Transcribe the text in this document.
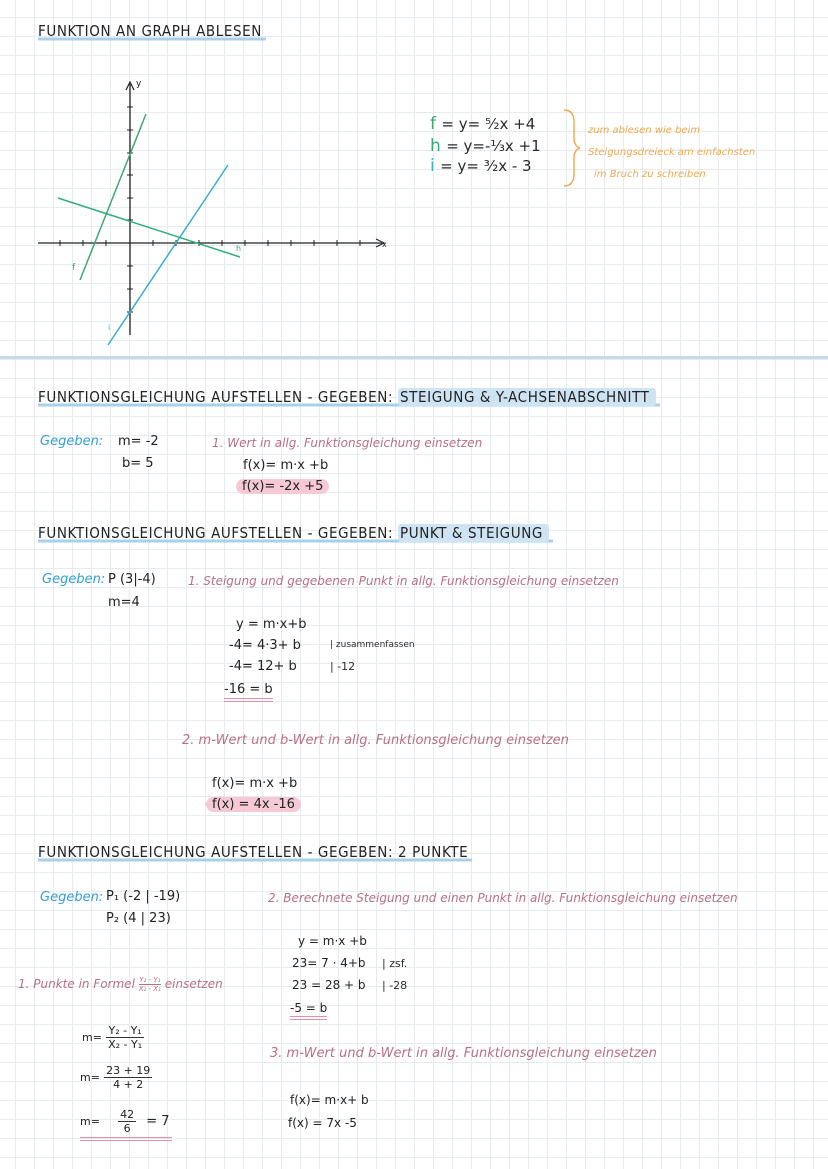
FUNKTION AN GRAPH ABLESEN
y
x
f
h
i
f = y= ⁵⁄₂x +4
h = y=-¹⁄₃x +1
i = y= ³⁄₂x - 3
zum ablesen wie beim
Steigungsdreieck am einfachsten
im Bruch zu schreiben
FUNKTIONSGLEICHUNG AUFSTELLEN - GEGEBEN: STEIGUNG & Y-ACHSENABSCHNITT
Gegeben: m= -2
b= 5
1. Wert in allg. Funktionsgleichung einsetzen
f(x)= m·x +b
f(x)= -2x +5
FUNKTIONSGLEICHUNG AUFSTELLEN - GEGEBEN: PUNKT & STEIGUNG
Gegeben: P (3|-4)
m=4
1. Steigung und gegebenen Punkt in allg. Funktionsgleichung einsetzen
y = m·x+b
-4= 4·3+ b	| zusammenfassen
-4= 12+ b	| -12
-16 = b
2. m-Wert und b-Wert in allg. Funktionsgleichung einsetzen
f(x)= m·x +b
f(x) = 4x -16
FUNKTIONSGLEICHUNG AUFSTELLEN - GEGEBEN: 2 PUNKTE
Gegeben: P₁ (-2 | -19)
P₂ (4 | 23)
1. Punkte in Formel $\frac{\text{Y₂ - Y₁}}{\text{X₂ - X₁}}$ einsetzen
$m= \frac{\text{Y₂ - Y₁}}{\text{X₂ - Y₁}}$
$m= \frac{23 + 19}{4 + 2}$
$m= \frac{42}{6} = 7$
2. Berechnete Steigung und einen Punkt in allg. Funktionsgleichung einsetzen
y = m·x +b
23= 7 · 4+b | zsf.
23 = 28 + b | -28
-5 = b
3. m-Wert und b-Wert in allg. Funktionsgleichung einsetzen
f(x)= m·x+ b
f(x) = 7x -5
